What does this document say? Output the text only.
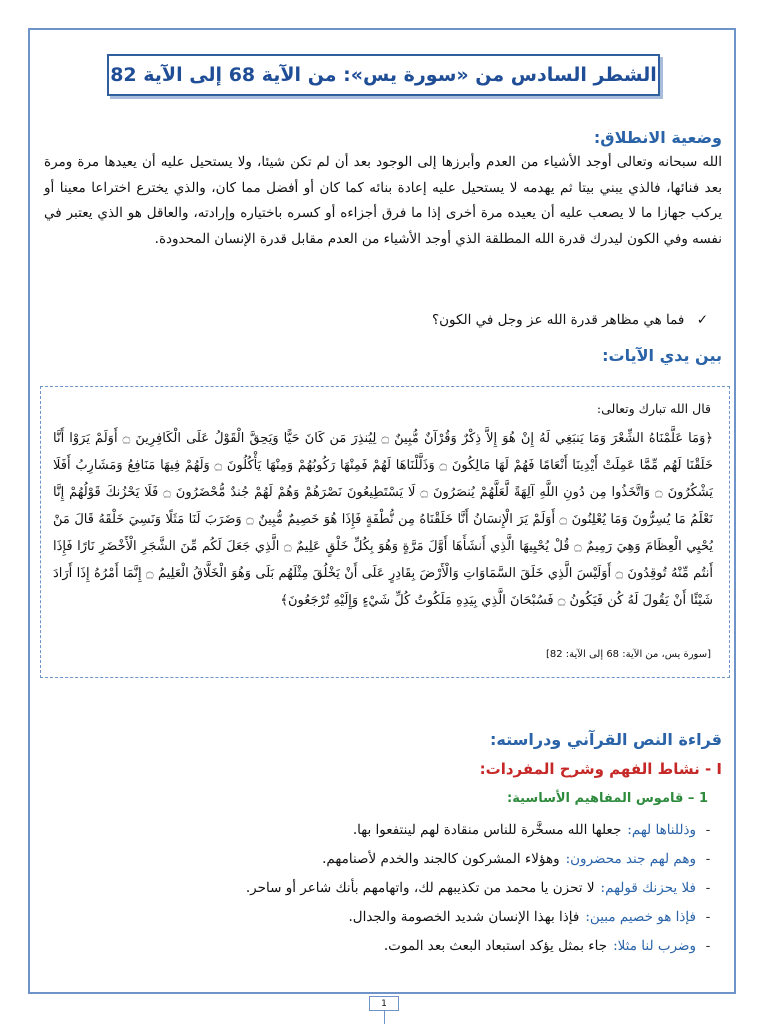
الشطر السادس من «سورة يس»: من الآية 68 إلى الآية 82
وضعية الانطلاق:
الله سبحانه وتعالى أوجد الأشياء من العدم وأبرزها إلى الوجود بعد أن لم تكن شيئا، ولا يستحيل عليه أن يعيدها مرة ومرة بعد فنائها، فالذي يبني بيتا ثم يهدمه لا يستحيل عليه إعادة بنائه كما كان أو أفضل مما كان، والذي يخترع اختراعا معينا أو يركب جهازا ما لا يصعب عليه أن يعيده مرة أخرى إذا ما فرق أجزاءه أو كسره باختياره وإرادته، والعاقل هو الذي يعتبر في نفسه وفي الكون ليدرك قدرة الله المطلقة الذي أوجد الأشياء من العدم مقابل قدرة الإنسان المحدودة.
✓ فما هي مظاهر قدرة الله عز وجل في الكون؟
بين يدي الآيات:
قال الله تبارك وتعالى:
﴿وَمَا عَلَّمْنَاهُ الشِّعْرَ وَمَا يَنبَغِي لَهُ إِنْ هُوَ إِلاَّ ذِكْرٌ وَقُرْآنٌ مُّبِينٌ ۝ لِيُنذِرَ مَن كَانَ حَيًّا وَيَحِقَّ الْقَوْلُ عَلَى الْكَافِرِينَ ۝ أَوَلَمْ يَرَوْا أَنَّا خَلَقْنَا لَهُم مِّمَّا عَمِلَتْ أَيْدِينَا أَنْعَامًا فَهُمْ لَهَا مَالِكُونَ ۝ وَذَلَّلْنَاهَا لَهُمْ فَمِنْهَا رَكُوبُهُمْ وَمِنْهَا يَأْكُلُونَ ۝ وَلَهُمْ فِيهَا مَنَافِعُ وَمَشَارِبُ أَفَلَا يَشْكُرُونَ ۝ وَاتَّخَذُوا مِن دُونِ اللَّهِ آلِهَةً لَّعَلَّهُمْ يُنصَرُونَ ۝ لَا يَسْتَطِيعُونَ نَصْرَهُمْ وَهُمْ لَهُمْ جُندٌ مُّحْضَرُونَ ۝ فَلَا يَحْزُنكَ قَوْلُهُمْ إِنَّا نَعْلَمُ مَا يُسِرُّونَ وَمَا يُعْلِنُونَ ۝ أَوَلَمْ يَرَ الْإِنسَانُ أَنَّا خَلَقْنَاهُ مِن نُّطْفَةٍ فَإِذَا هُوَ خَصِيمٌ مُّبِينٌ ۝ وَضَرَبَ لَنَا مَثَلًا وَنَسِيَ خَلْقَهُ قَالَ مَنْ يُحْيِي الْعِظَامَ وَهِيَ رَمِيمٌ ۝ قُلْ يُحْيِيهَا الَّذِي أَنشَأَهَا أَوَّلَ مَرَّةٍ وَهُوَ بِكُلِّ خَلْقٍ عَلِيمٌ ۝ الَّذِي جَعَلَ لَكُم مِّنَ الشَّجَرِ الْأَخْضَرِ نَارًا فَإِذَا أَنتُم مِّنْهُ تُوقِدُونَ ۝ أَوَلَيْسَ الَّذِي خَلَقَ السَّمَاوَاتِ وَالْأَرْضَ بِقَادِرٍ عَلَى أَنْ يَخْلُقَ مِثْلَهُم بَلَى وَهُوَ الْخَلَّاقُ الْعَلِيمُ ۝ إِنَّمَا أَمْرُهُ إِذَا أَرَادَ شَيْئًا أَنْ يَقُولَ لَهُ كُن فَيَكُونُ ۝ فَسُبْحَانَ الَّذِي بِيَدِهِ مَلَكُوتُ كُلِّ شَيْءٍ وَإِلَيْهِ تُرْجَعُونَ﴾
[سورة يس، من الآية: 68 إلى الآية: 82]
قراءة النص القرآني ودراسته:
I - نشاط الفهم وشرح المفردات:
1 – قاموس المفاهيم الأساسية:
-
وذللناها لهم:
جعلها الله مسخَّرة للناس منقادة لهم لينتفعوا بها.
-
وهم لهم جند محضرون:
وهؤلاء المشركون كالجند والخدم لأصنامهم.
-
فلا يحزنك قولهم:
لا تحزن يا محمد من تكذيبهم لك، واتهامهم بأنك شاعر أو ساحر.
-
فإذا هو خصيم مبين:
فإذا بهذا الإنسان شديد الخصومة والجدال.
-
وضرب لنا مثلا:
جاء بمثل يؤكد استبعاد البعث بعد الموت.
1
